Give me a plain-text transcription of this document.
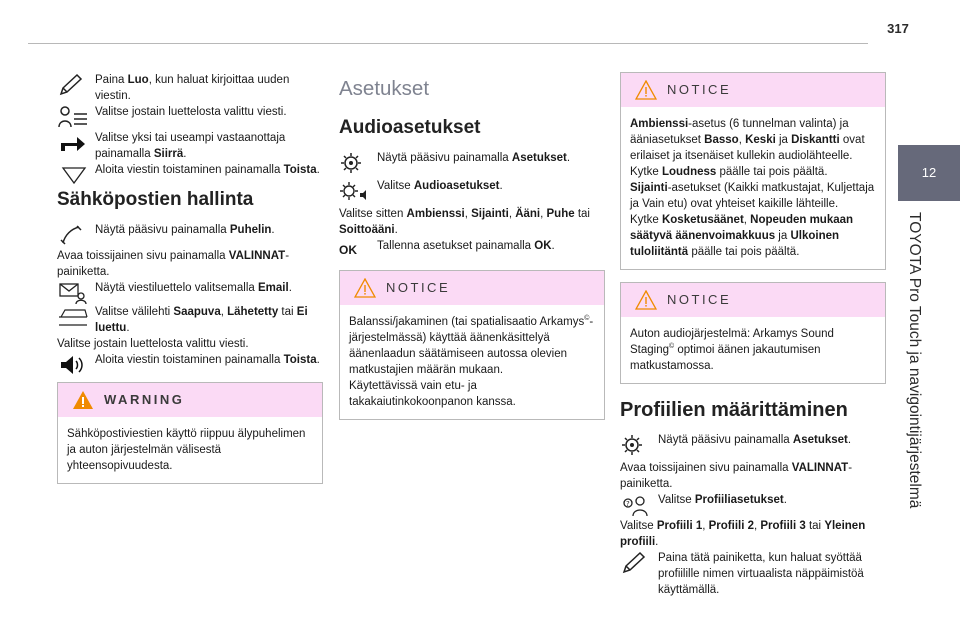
317
12
TOYOTA Pro Touch ja navigointijärjestelmä

Paina Luo, kun haluat kirjoittaa uuden viestin.

Valitse jostain luettelosta valittu viesti.

Valitse yksi tai useampi vastaanottaja painamalla Siirrä.

Aloita viestin toistaminen painamalla Toista.

Sähköpostien hallinta

Näytä pääsivu painamalla Puhelin.

Avaa toissijainen sivu painamalla VALINNAT-painiketta.

Näytä viestiluettelo valitsemalla Email.

Valitse välilehti Saapuva, Lähetetty tai Ei luettu.

Valitse jostain luettelosta valittu viesti.

Aloita viestin toistaminen painamalla Toista.

WARNING

Sähköpostiviestien käyttö riippuu älypuhelimen ja auton järjestelmän välisestä yhteensopivuudesta.

Asetukset
Audioasetukset

Näytä pääsivu painamalla Asetukset.

Valitse Audioasetukset.

Valitse sitten Ambienssi, Sijainti, Ääni, Puhe tai Soittoääni.

OK Tallenna asetukset painamalla OK.

NOTICE

Balanssi/jakaminen (tai spatialisaatio Arkamys©-järjestelmässä) käyttää äänenkäsittelyä äänenlaadun säätämiseen autossa olevien matkustajien määrän mukaan.

Käytettävissä vain etu- ja takakaiutinkokoonpanon kanssa.

NOTICE

Ambienssi-asetus (6 tunnelman valinta) ja ääniasetukset Basso, Keski ja Diskantti ovat erilaiset ja itsenäiset kullekin audiolähteelle.

Kytke Loudness päälle tai pois päältä.

Sijainti-asetukset (Kaikki matkustajat, Kuljettaja ja Vain etu) ovat yhteiset kaikille lähteille.

Kytke Kosketusäänet, Nopeuden mukaan säätyvä äänenvoimakkuus ja Ulkoinen tuloliitäntä päälle tai pois päältä.

NOTICE

Auton audiojärjestelmä: Arkamys Sound Staging© optimoi äänen jakautumisen matkustamossa.

Profiilien määrittäminen

Näytä pääsivu painamalla Asetukset.

Avaa toissijainen sivu painamalla VALINNAT-painiketta.

? Valitse Profiiliasetukset.

Valitse Profiili 1, Profiili 2, Profiili 3 tai Yleinen profiili.

Paina tätä painiketta, kun haluat syöttää profiilille nimen virtuaalista näppäimistöä käyttämällä.
